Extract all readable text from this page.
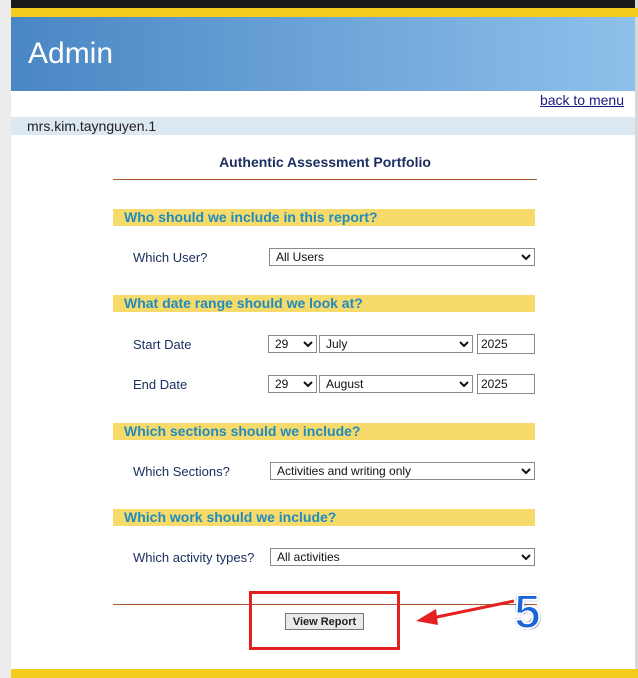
Admin
back to menu
mrs.kim.taynguyen.1
Authentic Assessment Portfolio
Who should we include in this report?
Which User?
All Users
What date range should we look at?
Start Date
29
July
2025
End Date
29
August
2025
Which sections should we include?
Which Sections?
Activities and writing only
Which work should we include?
Which activity types?
All activities
View Report	5
